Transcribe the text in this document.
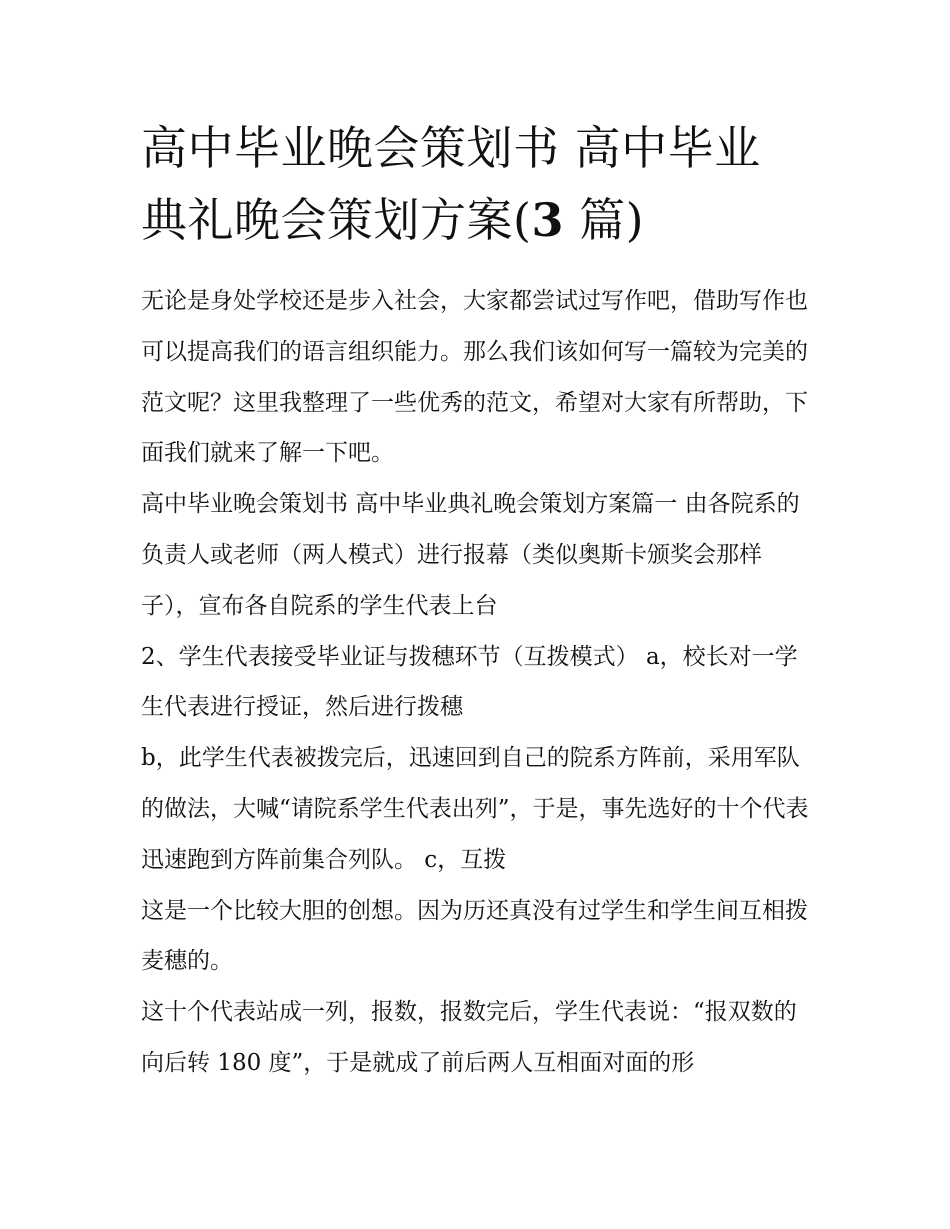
高中毕业晚会策划书 高中毕业
典礼晚会策划方案(3 篇)

无论是身处学校还是步入社会，大家都尝试过写作吧，借助写作也可以提高我们的语言组织能力。那么我们该如何写一篇较为完美的范文呢？这里我整理了一些优秀的范文，希望对大家有所帮助，下面我们就来了解一下吧。

高中毕业晚会策划书 高中毕业典礼晚会策划方案篇一 由各院系的负责人或老师（两人模式）进行报幕（类似奥斯卡颁奖会那样子），宣布各自院系的学生代表上台

2、学生代表接受毕业证与拨穗环节（互拨模式） a，校长对一学生代表进行授证，然后进行拨穗

b，此学生代表被拨完后，迅速回到自己的院系方阵前，采用军队的做法，大喊“请院系学生代表出列”，于是，事先选好的十个代表迅速跑到方阵前集合列队。 c，互拨

这是一个比较大胆的创想。因为历还真没有过学生和学生间互相拨麦穗的。

这十个代表站成一列，报数，报数完后，学生代表说：“报双数的向后转 180 度”，于是就成了前后两人互相面对面的形
